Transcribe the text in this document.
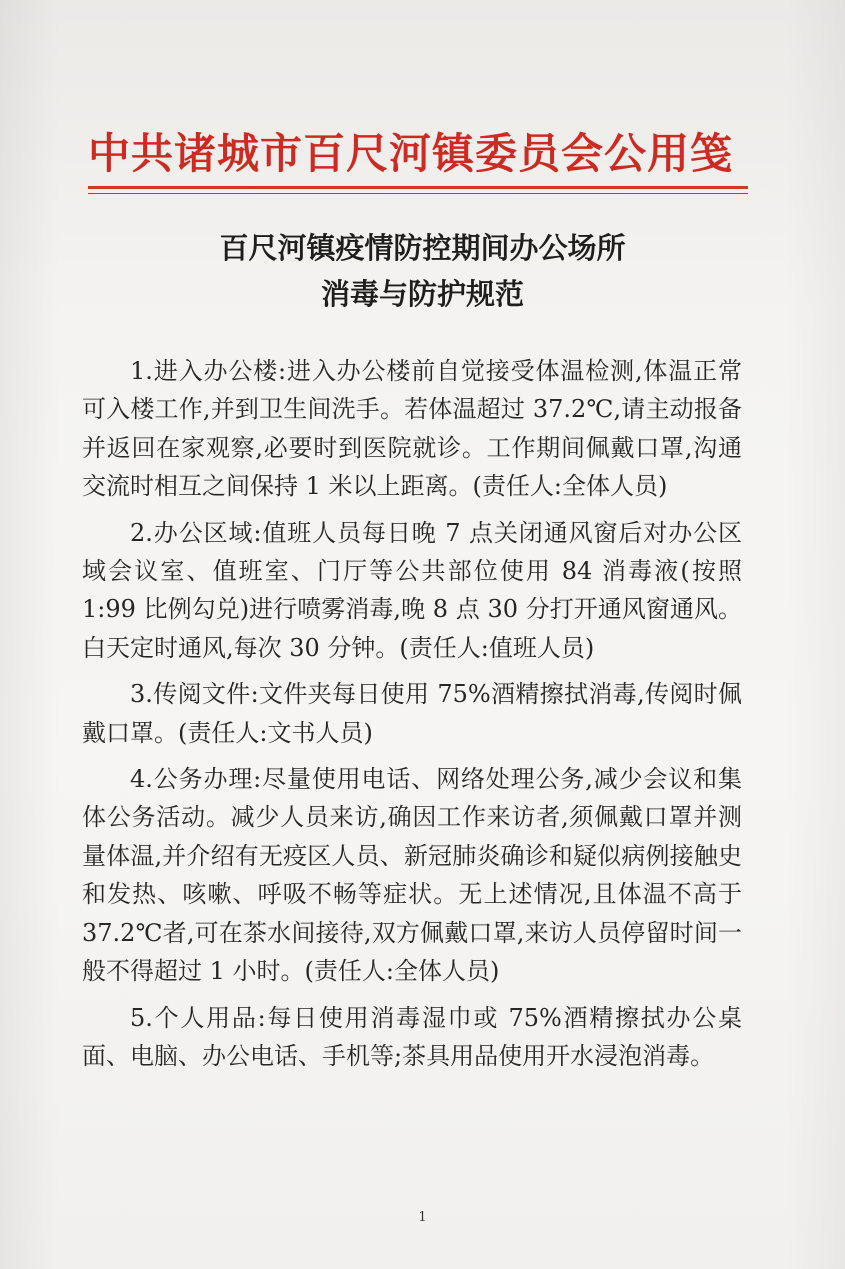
中共诸城市百尺河镇委员会公用笺
百尺河镇疫情防控期间办公场所
消毒与防护规范

1.进入办公楼:进入办公楼前自觉接受体温检测,体温正常可入楼工作,并到卫生间洗手。若体温超过 37.2℃,请主动报备并返回在家观察,必要时到医院就诊。工作期间佩戴口罩,沟通交流时相互之间保持 1 米以上距离。(责任人:全体人员)

2.办公区域:值班人员每日晚 7 点关闭通风窗后对办公区域会议室、值班室、门厅等公共部位使用 84 消毒液(按照 1:99 比例勾兑)进行喷雾消毒,晚 8 点 30 分打开通风窗通风。白天定时通风,每次 30 分钟。(责任人:值班人员)

3.传阅文件:文件夹每日使用 75%酒精擦拭消毒,传阅时佩戴口罩。(责任人:文书人员)

4.公务办理:尽量使用电话、网络处理公务,减少会议和集体公务活动。减少人员来访,确因工作来访者,须佩戴口罩并测量体温,并介绍有无疫区人员、新冠肺炎确诊和疑似病例接触史和发热、咳嗽、呼吸不畅等症状。无上述情况,且体温不高于 37.2℃者,可在茶水间接待,双方佩戴口罩,来访人员停留时间一般不得超过 1 小时。(责任人:全体人员)

5.个人用品:每日使用消毒湿巾或 75%酒精擦拭办公桌面、电脑、办公电话、手机等;茶具用品使用开水浸泡消毒。

1
